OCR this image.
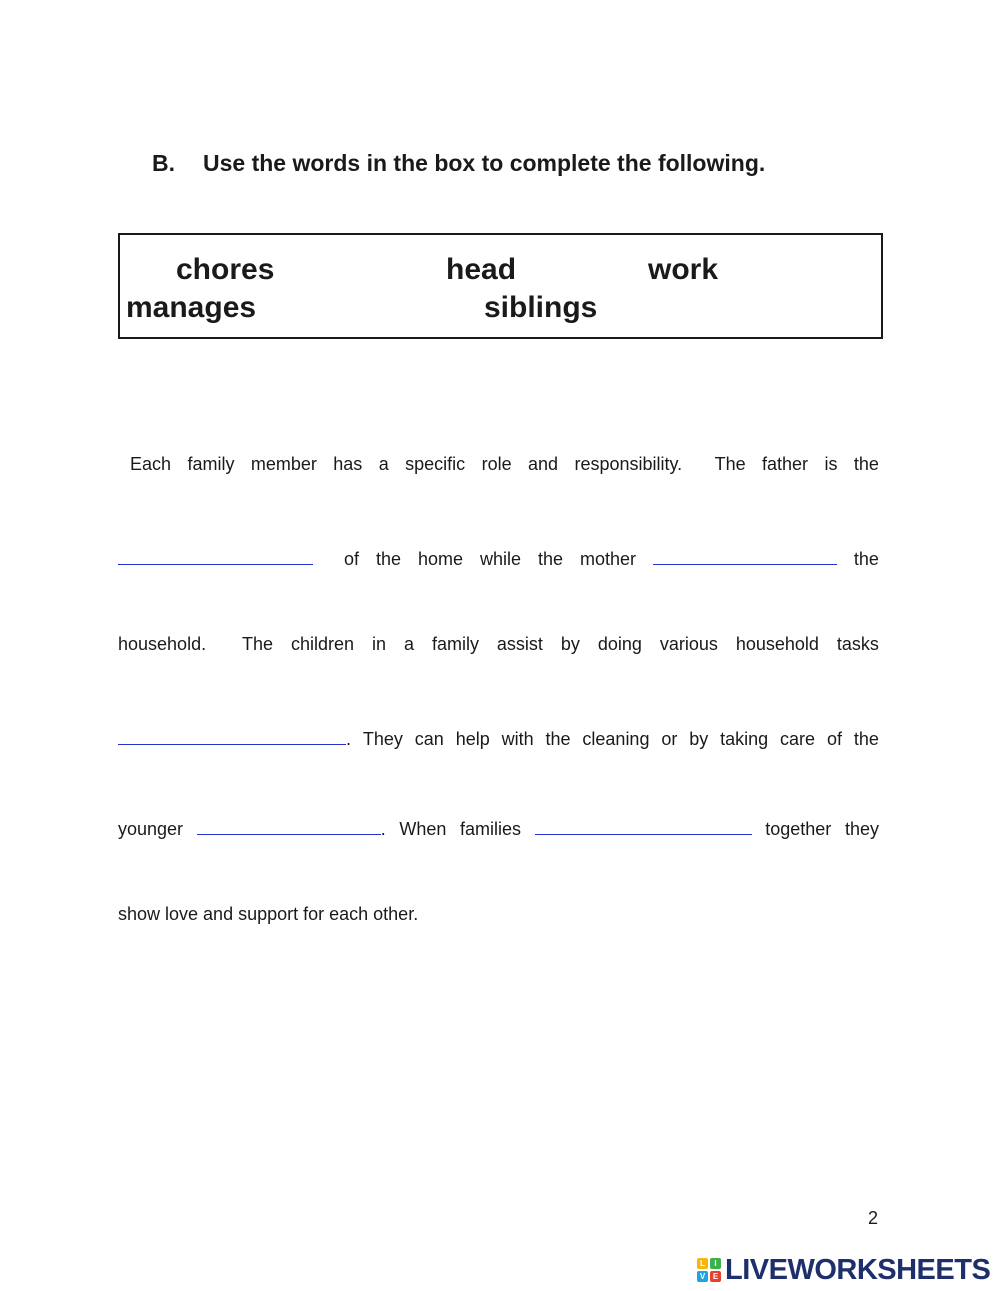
B. Use the words in the box to complete the following.
chores	head	work
manages	siblings
Each family member has a specific role and responsibility. The father is the
of the home while the mother	the
household. The children in a family assist by doing various household tasks
. They can help with the cleaning or by taking care of the
younger	. When families	together they
show love and support for each other.
2
L	I
V E LIVEWORKSHEETS
